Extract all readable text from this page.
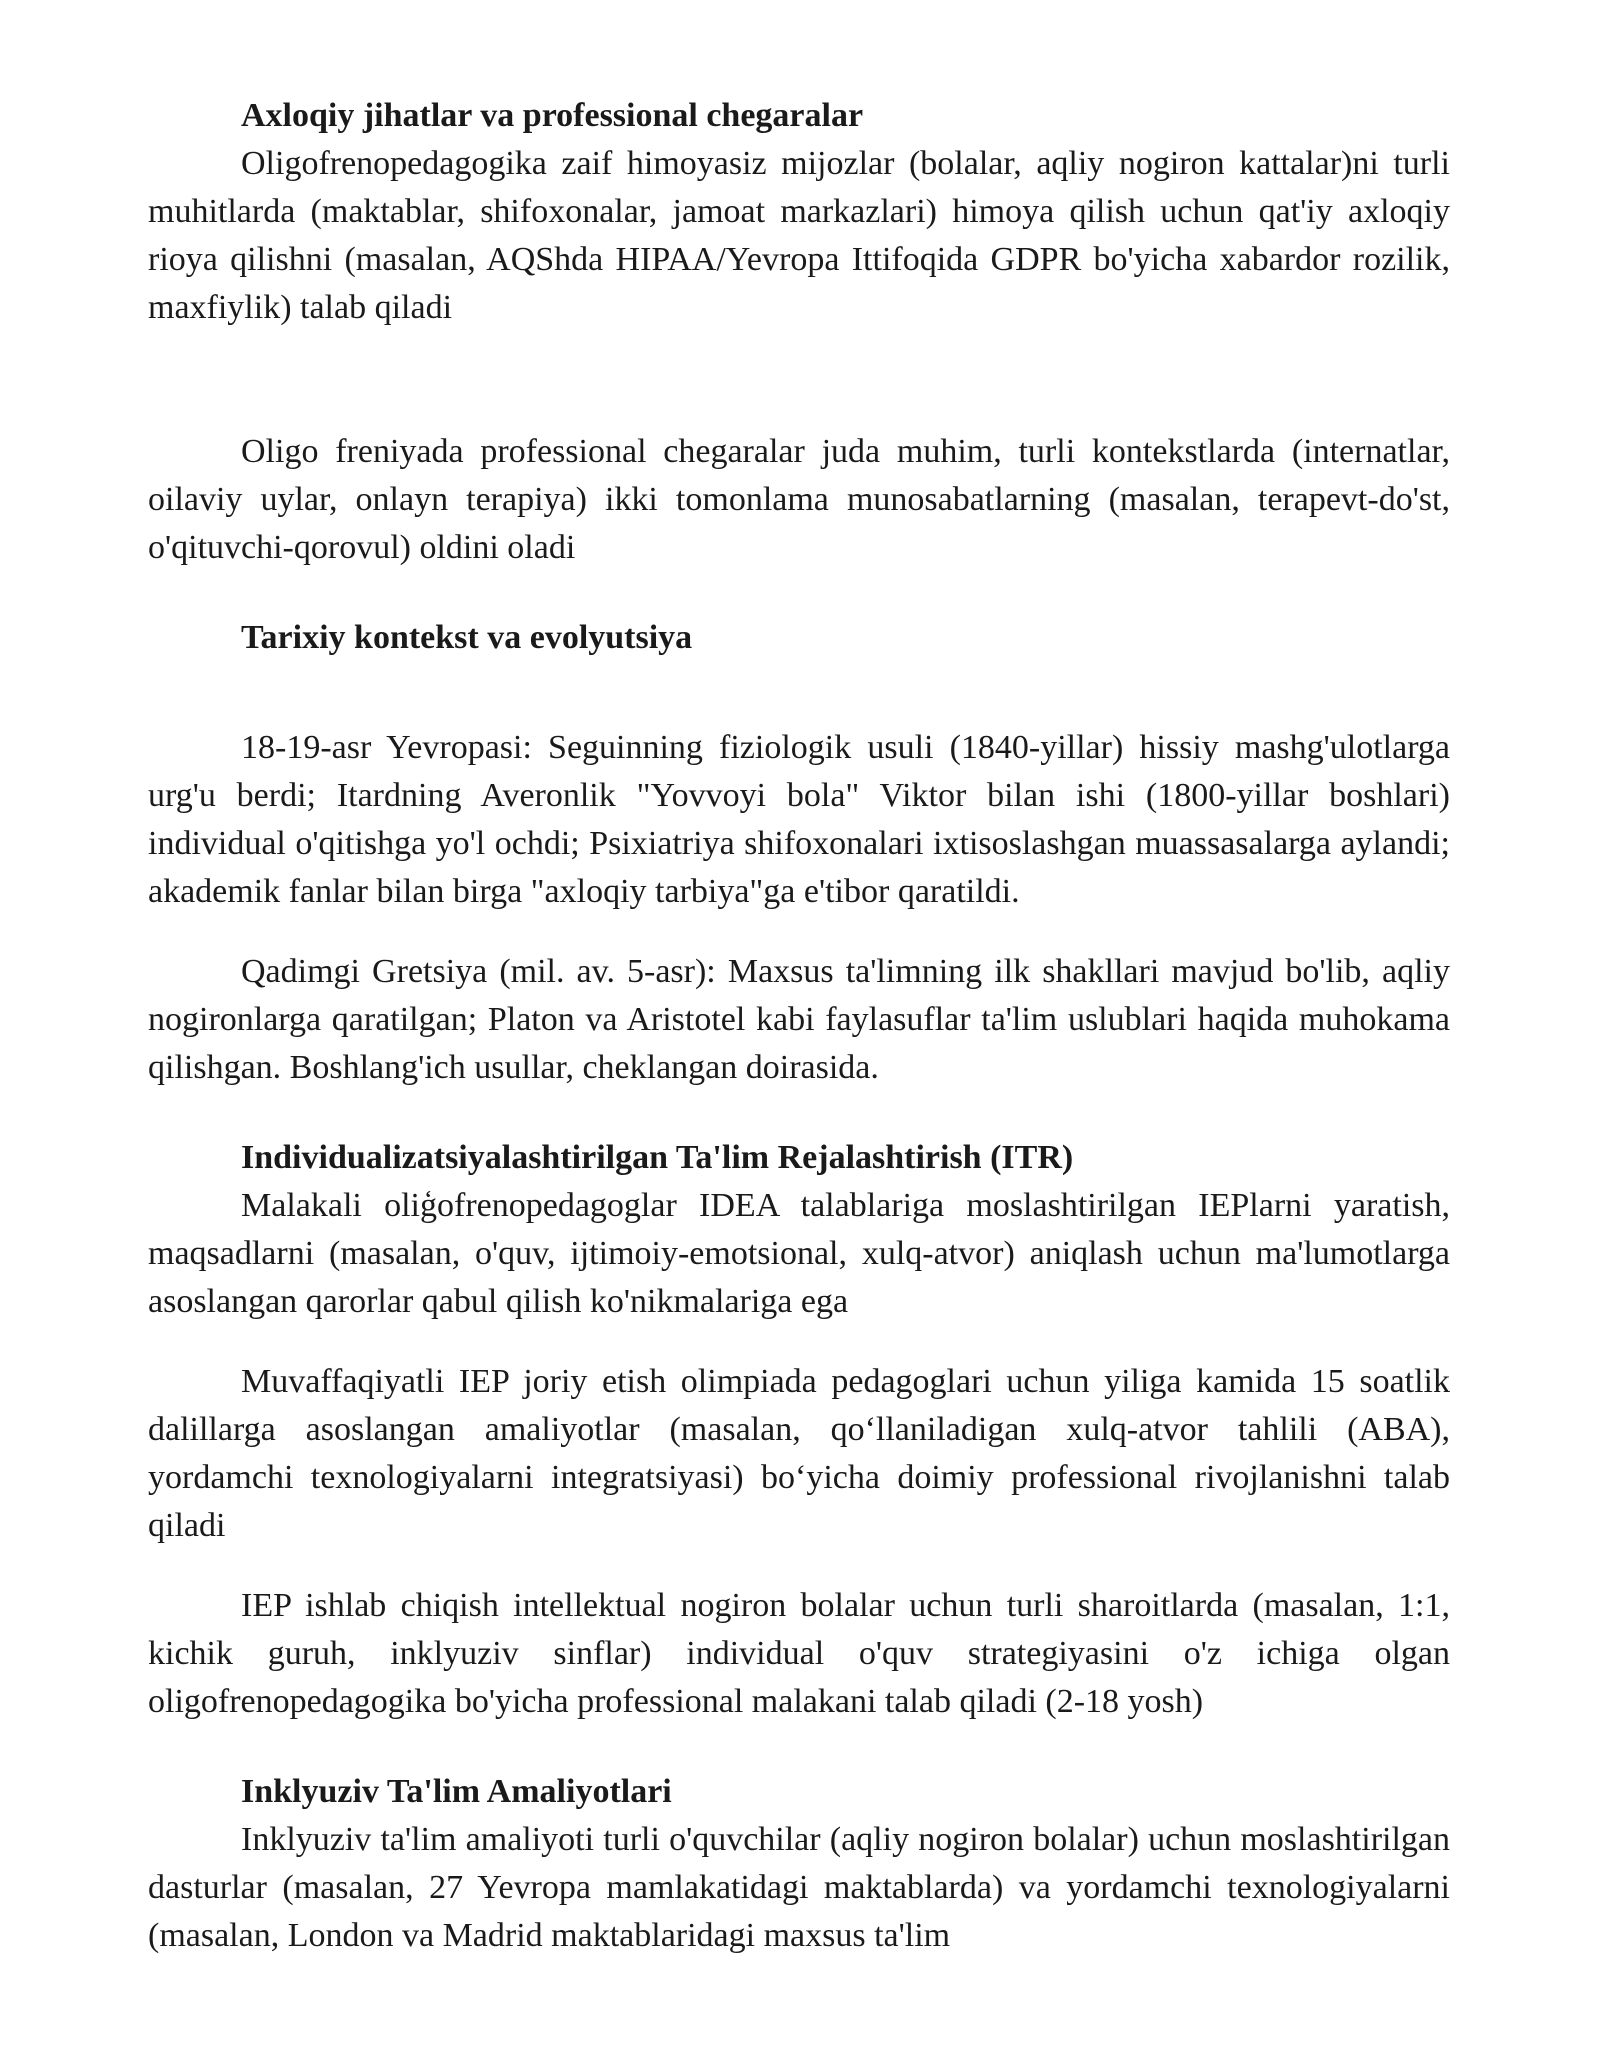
Axloqiy jihatlar va professional chegaralar

Oligofrenopedagogika zaif himoyasiz mijozlar (bolalar, aqliy nogiron kattalar)ni turli muhitlarda (maktablar, shifoxonalar, jamoat markazlari) himoya qilish uchun qat'iy axloqiy rioya qilishni (masalan, AQShda HIPAA/Yevropa Ittifoqida GDPR bo'yicha xabardor rozilik, maxfiylik) talab qiladi

Oligo freniyada professional chegaralar juda muhim, turli kontekstlarda (internatlar, oilaviy uylar, onlayn terapiya) ikki tomonlama munosabatlarning (masalan, terapevt-do'st, o'qituvchi-qorovul) oldini oladi

Tarixiy kontekst va evolyutsiya

18-19-asr Yevropasi: Seguinning fiziologik usuli (1840-yillar) hissiy mashg'ulotlarga urg'u berdi; Itardning Averonlik "Yovvoyi bola" Viktor bilan ishi (1800-yillar boshlari) individual o'qitishga yo'l ochdi; Psixiatriya shifoxonalari ixtisoslashgan muassasalarga aylandi; akademik fanlar bilan birga "axloqiy tarbiya"ga e'tibor qaratildi.

Qadimgi Gretsiya (mil. av. 5-asr): Maxsus ta'limning ilk shakllari mavjud bo'lib, aqliy nogironlarga qaratilgan; Platon va Aristotel kabi faylasuflar ta'lim uslublari haqida muhokama qilishgan. Boshlang'ich usullar, cheklangan doirasida.

Individualizatsiyalashtirilgan Ta'lim Rejalashtirish (ITR)

Malakali oliģofrenopedagoglar IDEA talablariga moslashtirilgan IEPlarni yaratish, maqsadlarni (masalan, o'quv, ijtimoiy-emotsional, xulq-atvor) aniqlash uchun ma'lumotlarga asoslangan qarorlar qabul qilish ko'nikmalariga ega

Muvaffaqiyatli IEP joriy etish olimpiada pedagoglari uchun yiliga kamida 15 soatlik dalillarga asoslangan amaliyotlar (masalan, qo‘llaniladigan xulq-atvor tahlili (ABA), yordamchi texnologiyalarni integratsiyasi) bo‘yicha doimiy professional rivojlanishni talab qiladi

IEP ishlab chiqish intellektual nogiron bolalar uchun turli sharoitlarda (masalan, 1:1, kichik guruh, inklyuziv sinflar) individual o'quv strategiyasini o'z ichiga olgan oligofrenopedagogika bo'yicha professional malakani talab qiladi (2-18 yosh)

Inklyuziv Ta'lim Amaliyotlari

Inklyuziv ta'lim amaliyoti turli o'quvchilar (aqliy nogiron bolalar) uchun moslashtirilgan dasturlar (masalan, 27 Yevropa mamlakatidagi maktablarda) va yordamchi texnologiyalarni (masalan, London va Madrid maktablaridagi maxsus ta'lim
